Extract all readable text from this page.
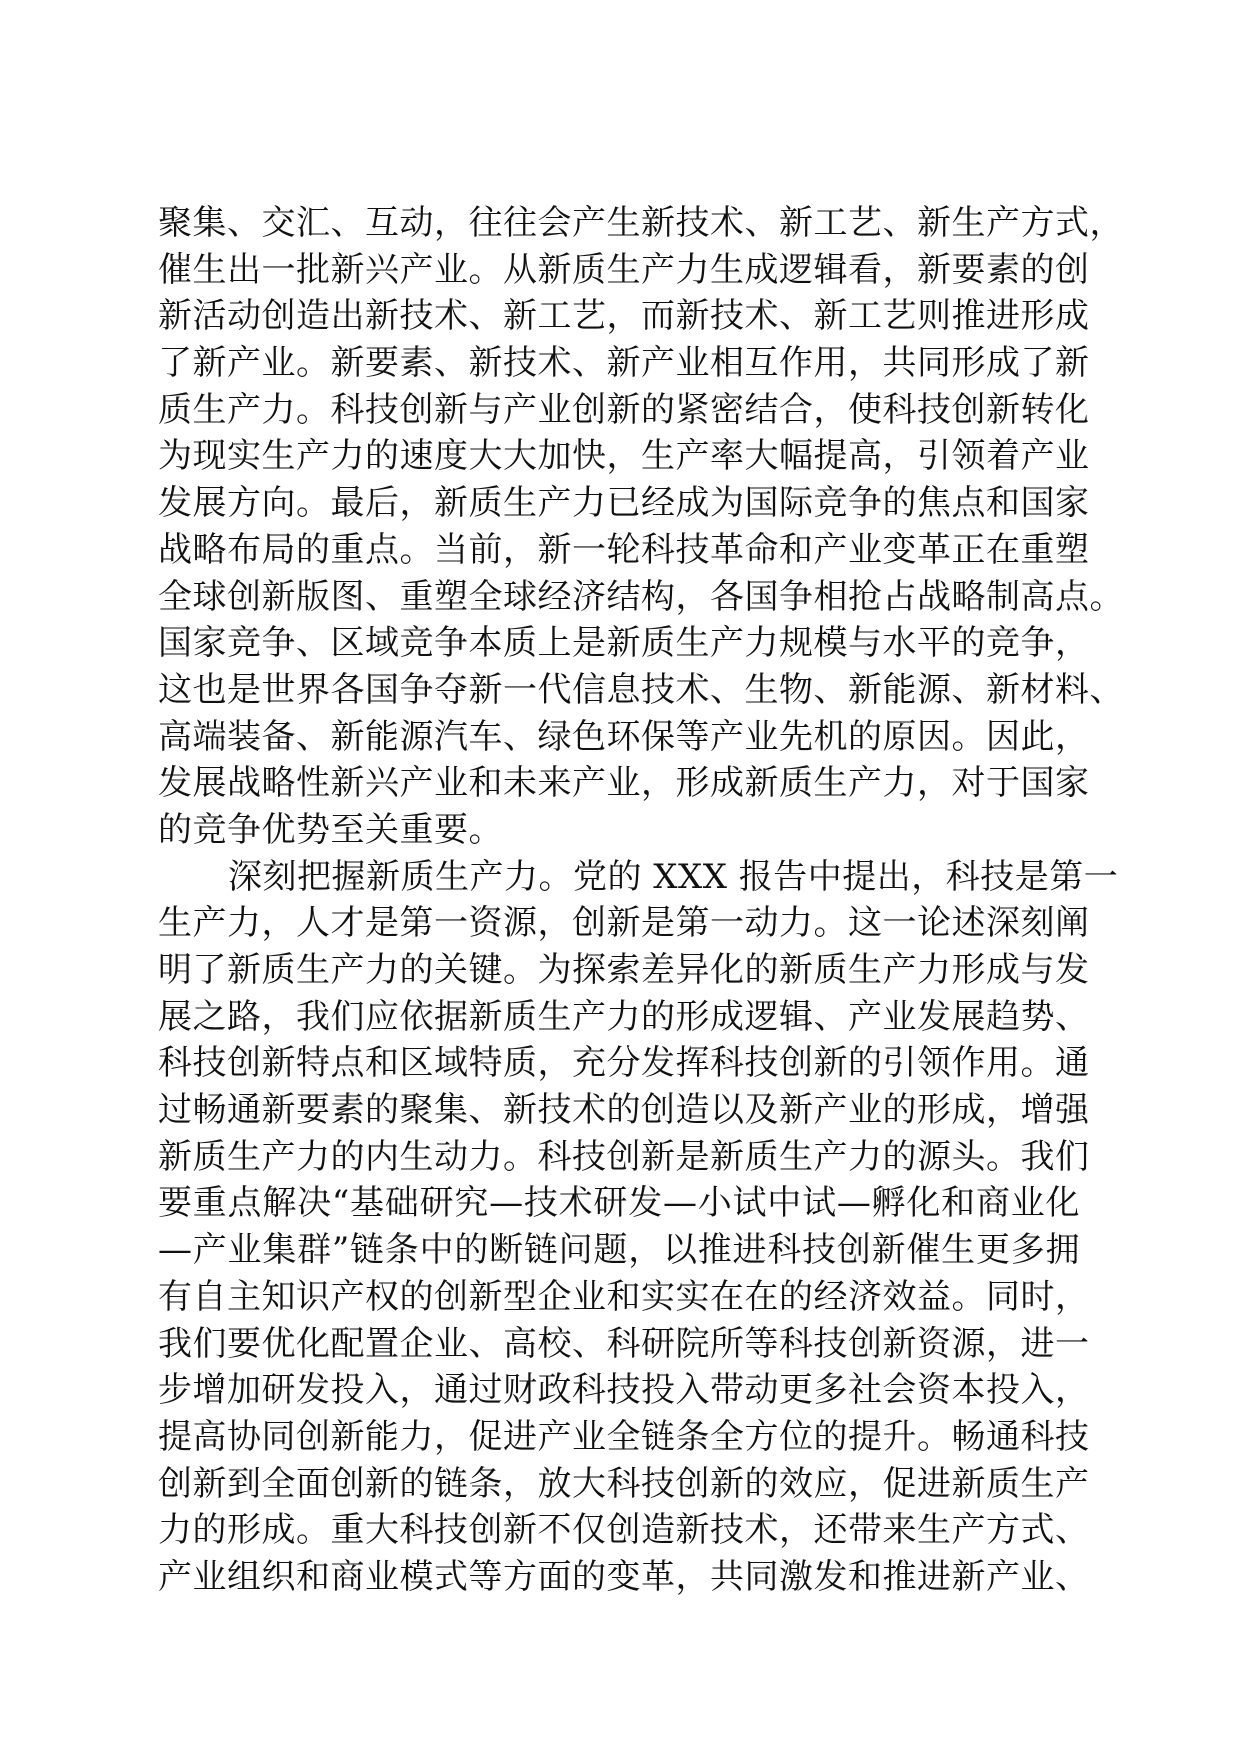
聚集、交汇、互动，往往会产生新技术、新工艺、新生产方式，
催生出一批新兴产业。从新质生产力生成逻辑看，新要素的创
新活动创造出新技术、新工艺，而新技术、新工艺则推进形成
了新产业。新要素、新技术、新产业相互作用，共同形成了新
质生产力。科技创新与产业创新的紧密结合，使科技创新转化
为现实生产力的速度大大加快，生产率大幅提高，引领着产业
发展方向。最后，新质生产力已经成为国际竞争的焦点和国家
战略布局的重点。当前，新一轮科技革命和产业变革正在重塑
全球创新版图、重塑全球经济结构，各国争相抢占战略制高点。
国家竞争、区域竞争本质上是新质生产力规模与水平的竞争，
这也是世界各国争夺新一代信息技术、生物、新能源、新材料、
高端装备、新能源汽车、绿色环保等产业先机的原因。因此，
发展战略性新兴产业和未来产业，形成新质生产力，对于国家
的竞争优势至关重要。
深刻把握新质生产力。党的 XXX 报告中提出，科技是第一
生产力，人才是第一资源，创新是第一动力。这一论述深刻阐
明了新质生产力的关键。为探索差异化的新质生产力形成与发
展之路，我们应依据新质生产力的形成逻辑、产业发展趋势、
科技创新特点和区域特质，充分发挥科技创新的引领作用。通
过畅通新要素的聚集、新技术的创造以及新产业的形成，增强
新质生产力的内生动力。科技创新是新质生产力的源头。我们
要重点解决“基础研究—技术研发—小试中试—孵化和商业化
—产业集群”链条中的断链问题，以推进科技创新催生更多拥
有自主知识产权的创新型企业和实实在在的经济效益。同时，
我们要优化配置企业、高校、科研院所等科技创新资源，进一
步增加研发投入，通过财政科技投入带动更多社会资本投入，
提高协同创新能力，促进产业全链条全方位的提升。畅通科技
创新到全面创新的链条，放大科技创新的效应，促进新质生产
力的形成。重大科技创新不仅创造新技术，还带来生产方式、
产业组织和商业模式等方面的变革，共同激发和推进新产业、
